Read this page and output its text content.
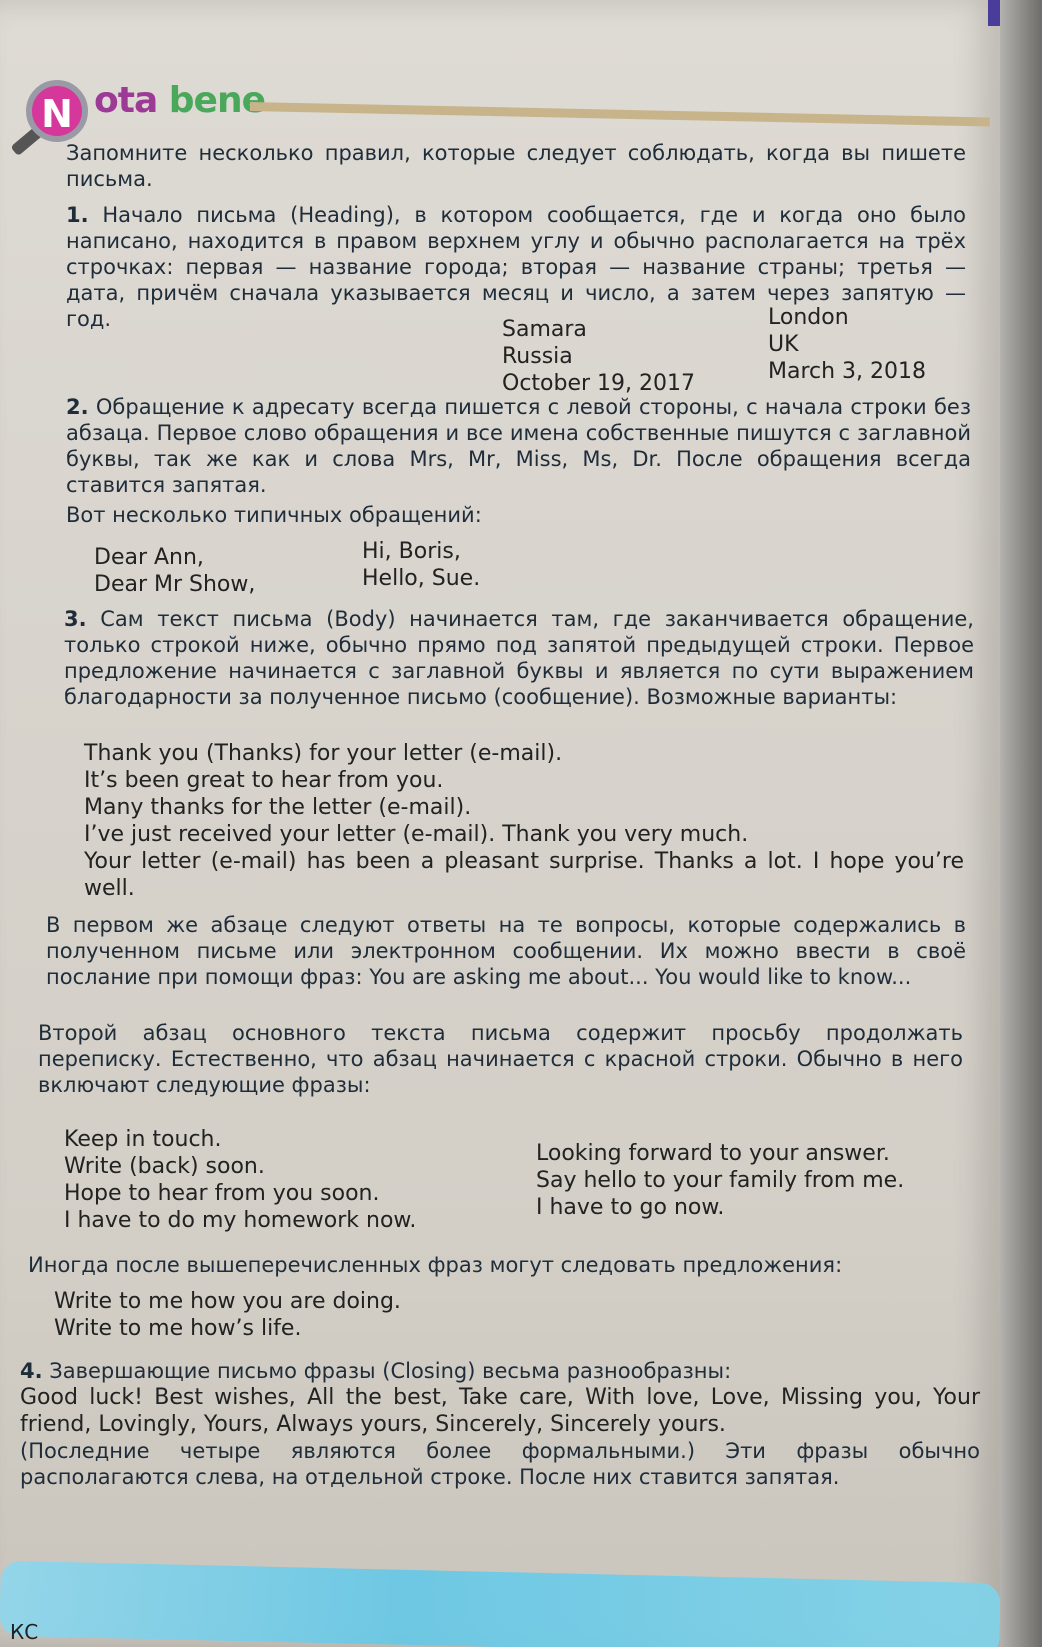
N ota bene

Запомните несколько правил, которые следует соблюдать, когда вы пишете письма.

1. Начало письма (Heading), в котором сообщается, где и когда оно было написано, находится в правом верхнем углу и обычно располагается на трёх строчках: первая — название города; вторая — название страны; третья — дата, причём сначала указывается месяц и число, а затем через запятую — год.	Samara
Russia
October 19, 2017
London
UK
March 3, 2018

2. Обращение к адресату всегда пишется с левой стороны, с начала строки без абзаца. Первое слово обращения и все имена собственные пишутся с заглавной буквы, так же как и слова Mrs, Mr, Miss, Ms, Dr. После обращения всегда ставится запятая.

Вот несколько типичных обращений:

Dear Ann,
Dear Mr Show,
Hi, Boris,
Hello, Sue.

3. Сам текст письма (Body) начинается там, где заканчивается обращение, только строкой ниже, обычно прямо под запятой предыдущей строки. Первое предложение начинается с заглавной буквы и является по сути выражением благодарности за полученное письмо (сообщение). Возможные варианты:

Thank you (Thanks) for your letter (e-mail).
It’s been great to hear from you.
Many thanks for the letter (e-mail).
I’ve just received your letter (e-mail). Thank you very much.
Your letter (e-mail) has been a pleasant surprise. Thanks a lot. I hope you’re well.

В первом же абзаце следуют ответы на те вопросы, которые содержались в полученном письме или электронном сообщении. Их можно ввести в своё послание при помощи фраз: You are asking me about... You would like to know...

Второй абзац основного текста письма содержит просьбу продолжать переписку. Естественно, что абзац начинается с красной строки. Обычно в него включают следующие фразы:

Keep in touch.
Write (back) soon.
Hope to hear from you soon.
I have to do my homework now.
Looking forward to your answer.
Say hello to your family from me.
I have to go now.

Иногда после вышеперечисленных фраз могут следовать предложения:

Write to me how you are doing.
Write to me how’s life.

4. Завершающие письмо фразы (Closing) весьма разнообразны:

Good luck! Best wishes, All the best, Take care, With love, Love, Missing you, Your friend, Lovingly, Yours, Always yours, Sincerely, Sincerely yours.

(Последние четыре являются более формальными.) Эти фразы обычно располагаются слева, на отдельной строке. После них ставится запятая.

КС
